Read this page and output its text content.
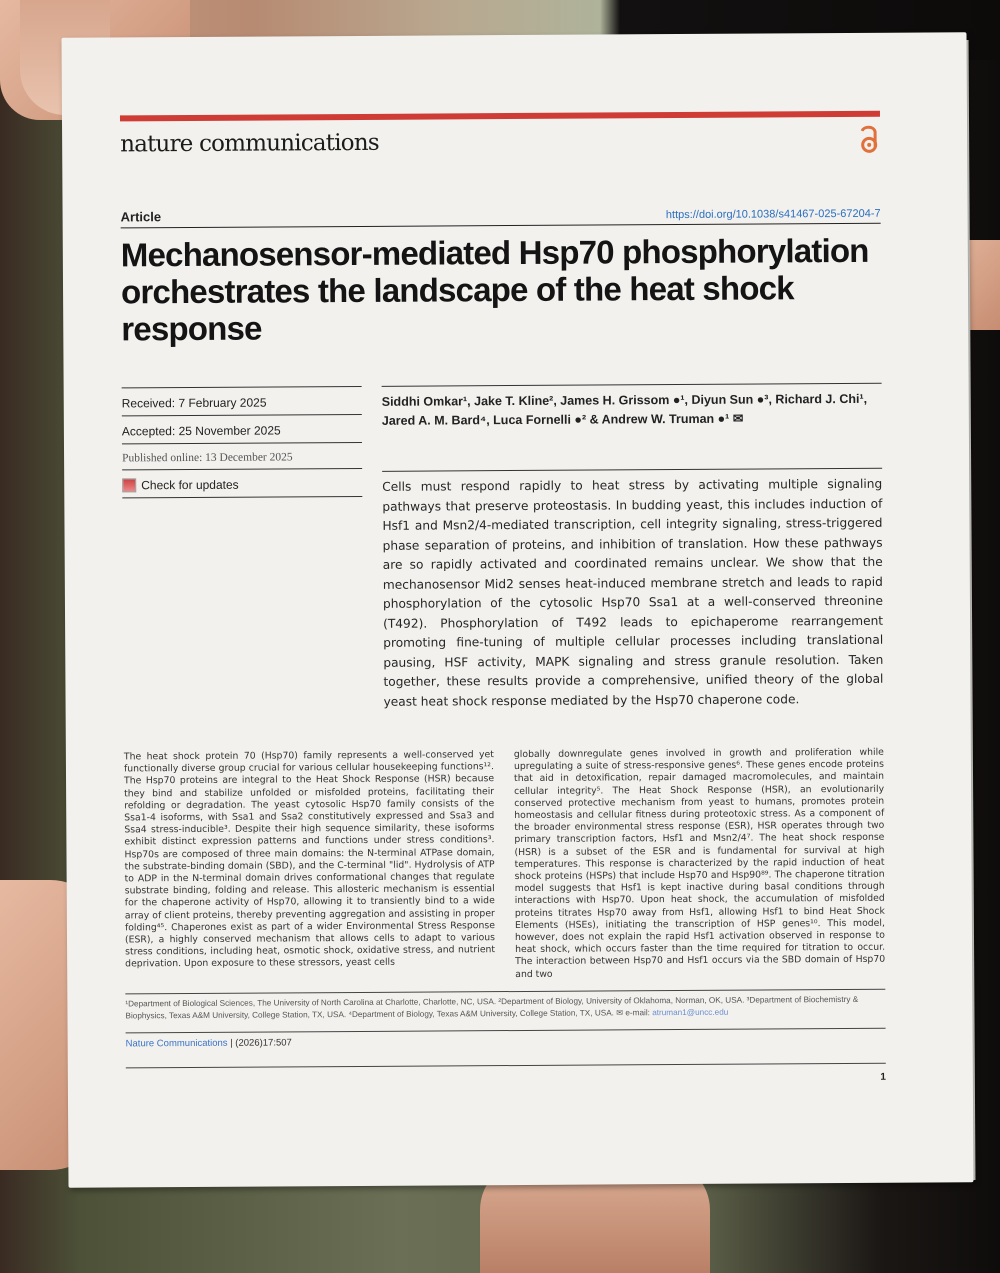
nature communications
Article	https://doi.org/10.1038/s41467-025-67204-7
Mechanosensor-mediated Hsp70 phosphorylation orchestrates the landscape of the heat shock response
Received: 7 February 2025
Accepted: 25 November 2025
Published online: 13 December 2025
Check for updates
Siddhi Omkar¹, Jake T. Kline², James H. Grissom ●¹, Diyun Sun ●³, Richard J. Chi¹,
Jared A. M. Bard⁴, Luca Fornelli ●² & Andrew W. Truman ●¹ ✉
Cells must respond rapidly to heat stress by activating multiple signaling pathways that preserve proteostasis. In budding yeast, this includes induction of Hsf1 and Msn2/4-mediated transcription, cell integrity signaling, stress-triggered phase separation of proteins, and inhibition of translation. How these pathways are so rapidly activated and coordinated remains unclear. We show that the mechanosensor Mid2 senses heat-induced membrane stretch and leads to rapid phosphorylation of the cytosolic Hsp70 Ssa1 at a well-conserved threonine (T492). Phosphorylation of T492 leads to epichaperome rearrangement promoting fine-tuning of multiple cellular processes including translational pausing, HSF activity, MAPK signaling and stress granule resolution. Taken together, these results provide a comprehensive, unified theory of the global yeast heat shock response mediated by the Hsp70 chaperone code.
The heat shock protein 70 (Hsp70) family represents a well-conserved yet functionally diverse group crucial for various cellular housekeeping functions¹². The Hsp70 proteins are integral to the Heat Shock Response (HSR) because they bind and stabilize unfolded or misfolded proteins, facilitating their refolding or degradation. The yeast cytosolic Hsp70 family consists of the Ssa1-4 isoforms, with Ssa1 and Ssa2 constitutively expressed and Ssa3 and Ssa4 stress-inducible³. Despite their high sequence similarity, these isoforms exhibit distinct expression patterns and functions under stress conditions³. Hsp70s are composed of three main domains: the N-terminal ATPase domain, the substrate-binding domain (SBD), and the C-terminal "lid". Hydrolysis of ATP to ADP in the N-terminal domain drives conformational changes that regulate substrate binding, folding and release. This allosteric mechanism is essential for the chaperone activity of Hsp70, allowing it to transiently bind to a wide array of client proteins, thereby preventing aggregation and assisting in proper folding⁴⁵. Chaperones exist as part of a wider Environmental Stress Response (ESR), a highly conserved mechanism that allows cells to adapt to various stress conditions, including heat, osmotic shock, oxidative stress, and nutrient deprivation. Upon exposure to these stressors, yeast cells
globally downregulate genes involved in growth and proliferation while upregulating a suite of stress-responsive genes⁶. These genes encode proteins that aid in detoxification, repair damaged macromolecules, and maintain cellular integrity⁵. The Heat Shock Response (HSR), an evolutionarily conserved protective mechanism from yeast to humans, promotes protein homeostasis and cellular fitness during proteotoxic stress. As a component of the broader environmental stress response (ESR), HSR operates through two primary transcription factors, Hsf1 and Msn2/4⁷. The heat shock response (HSR) is a subset of the ESR and is fundamental for survival at high temperatures. This response is characterized by the rapid induction of heat shock proteins (HSPs) that include Hsp70 and Hsp90⁸⁹. The chaperone titration model suggests that Hsf1 is kept inactive during basal conditions through interactions with Hsp70. Upon heat shock, the accumulation of misfolded proteins titrates Hsp70 away from Hsf1, allowing Hsf1 to bind Heat Shock Elements (HSEs), initiating the transcription of HSP genes¹⁰. This model, however, does not explain the rapid Hsf1 activation observed in response to heat shock, which occurs faster than the time required for titration to occur. The interaction between Hsp70 and Hsf1 occurs via the SBD domain of Hsp70 and two
¹Department of Biological Sciences, The University of North Carolina at Charlotte, Charlotte, NC, USA. ²Department of Biology, University of Oklahoma, Norman, OK, USA. ³Department of Biochemistry & Biophysics, Texas A&M University, College Station, TX, USA. ⁴Department of Biology, Texas A&M University, College Station, TX, USA. ✉ e-mail: atruman1@uncc.edu
Nature Communications | (2026)17:507
1
